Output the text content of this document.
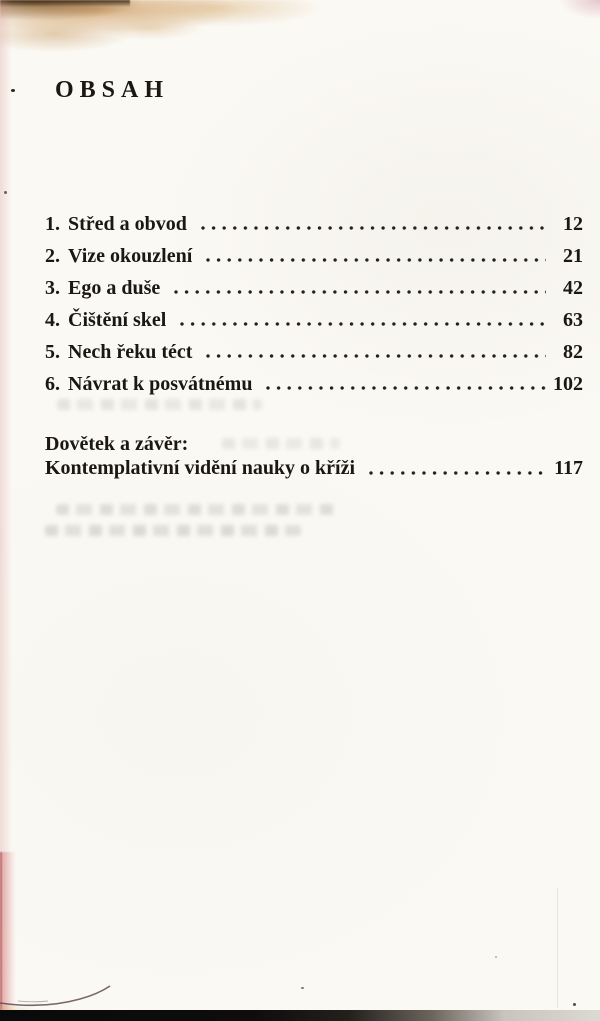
OBSAH
1. Střed a obvod	12
2. Vize okouzlení	21
3. Ego a duše	42
4. Čištění skel	63
5. Nech řeku téct	82
6. Návrat k posvátnému	102
Dovětek a závěr:
Kontemplativní vidění nauky o kříži	117
